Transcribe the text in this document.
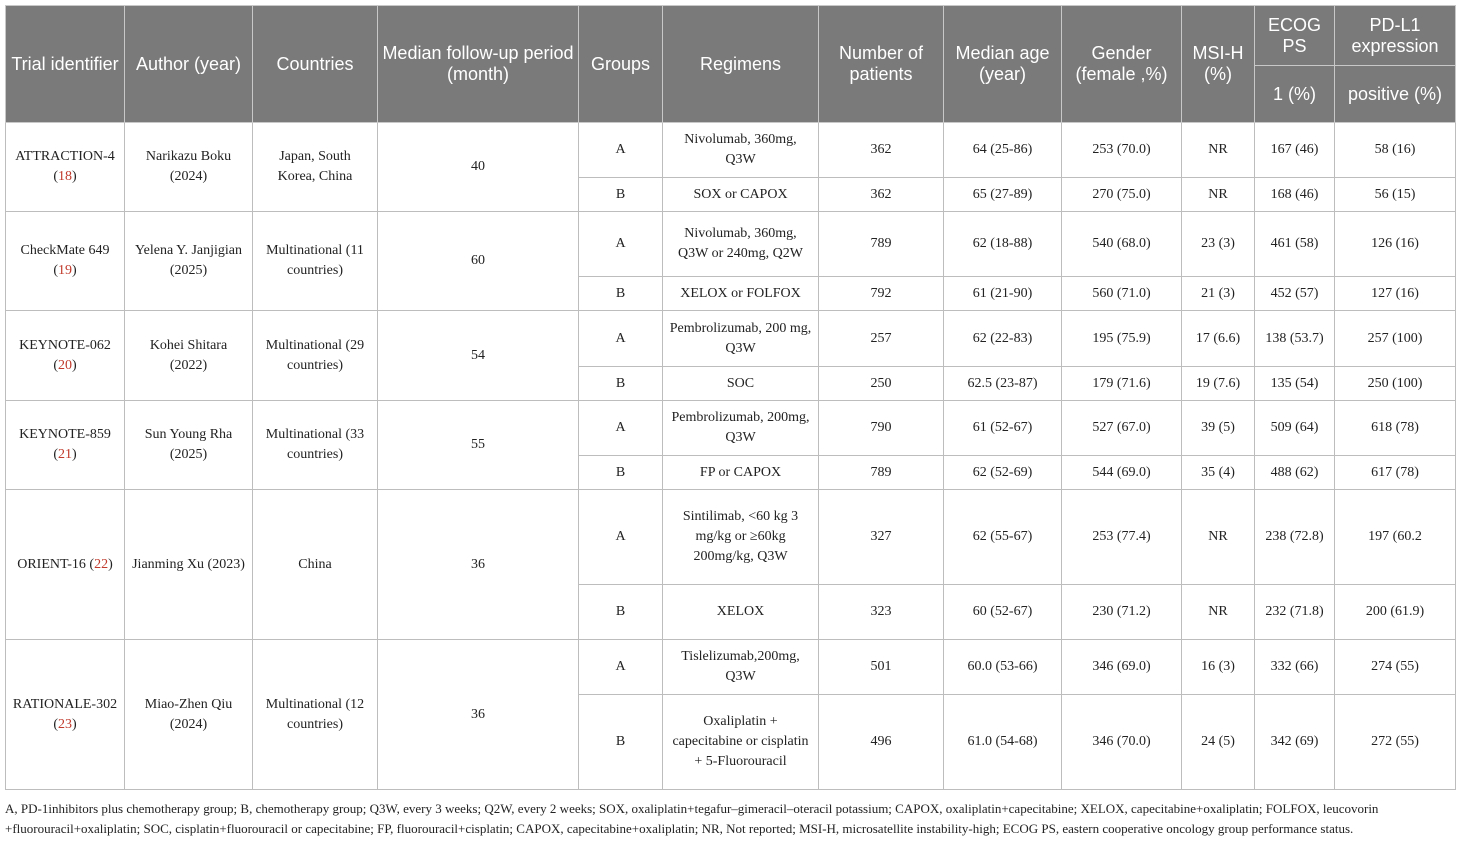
Trial identifier	Author (year)	Countries	Median follow-up period (month)	Groups	Regimens	Number of patients	Median age (year)	Gender (female ,%)	MSI-H (%)	ECOG PS	PD-L1 expression
										1 (%)	positive (%)
ATTRACTION-4 (18)	Narikazu Boku (2024)	Japan, South Korea, China	40	A	Nivolumab, 360mg, Q3W	362	64 (25-86)	253 (70.0)	NR	167 (46)	58 (16)
				B	SOX or CAPOX	362	65 (27-89)	270 (75.0)	NR	168 (46)	56 (15)
CheckMate 649 (19)	Yelena Y. Janjigian (2025)	Multinational (11 countries)	60	A	Nivolumab, 360mg, Q3W or 240mg, Q2W	789	62 (18-88)	540 (68.0)	23 (3)	461 (58)	126 (16)
				B	XELOX or FOLFOX	792	61 (21-90)	560 (71.0)	21 (3)	452 (57)	127 (16)
KEYNOTE-062 (20)	Kohei Shitara (2022)	Multinational (29 countries)	54	A	Pembrolizumab, 200 mg, Q3W	257	62 (22-83)	195 (75.9)	17 (6.6)	138 (53.7)	257 (100)
				B	SOC	250	62.5 (23-87)	179 (71.6)	19 (7.6)	135 (54)	250 (100)
KEYNOTE-859 (21)	Sun Young Rha (2025)	Multinational (33 countries)	55	A	Pembrolizumab, 200mg, Q3W	790	61 (52-67)	527 (67.0)	39 (5)	509 (64)	618 (78)
				B	FP or CAPOX	789	62 (52-69)	544 (69.0)	35 (4)	488 (62)	617 (78)
ORIENT-16 (22)	Jianming Xu (2023)	China	36	A	Sintilimab, <60 kg 3 mg/kg or ≥60kg 200mg/kg, Q3W	327	62 (55-67)	253 (77.4)	NR	238 (72.8)	197 (60.2
				B	XELOX	323	60 (52-67)	230 (71.2)	NR	232 (71.8)	200 (61.9)
RATIONALE-302 (23)	Miao-Zhen Qiu (2024)	Multinational (12 countries)	36	A	Tislelizumab,200mg, Q3W	501	60.0 (53-66)	346 (69.0)	16 (3)	332 (66)	274 (55)
				B	Oxaliplatin + capecitabine or cisplatin + 5-Fluorouracil	496	61.0 (54-68)	346 (70.0)	24 (5)	342 (69)	272 (55)
A, PD-1inhibitors plus chemotherapy group; B, chemotherapy group; Q3W, every 3 weeks; Q2W, every 2 weeks; SOX, oxaliplatin+tegafur–gimeracil–oteracil potassium; CAPOX, oxaliplatin+capecitabine; XELOX, capecitabine+oxaliplatin; FOLFOX, leucovorin +fluorouracil+oxaliplatin; SOC, cisplatin+fluorouracil or capecitabine; FP, fluorouracil+cisplatin; CAPOX, capecitabine+oxaliplatin; NR, Not reported; MSI-H, microsatellite instability-high; ECOG PS, eastern cooperative oncology group performance status.
